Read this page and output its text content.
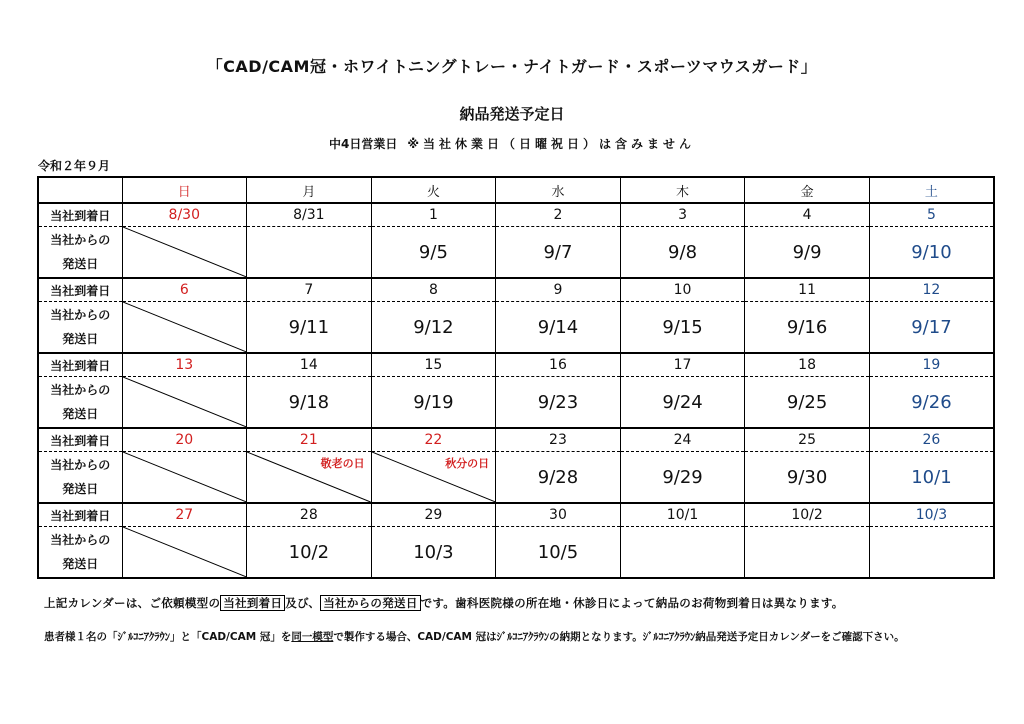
「CAD/CAM冠・ホワイトニングトレー・ナイトガード・スポーツマウスガード」
納品発送予定日
中4日営業日 ※当社休業日（日曜祝日）は含みません
令和２年９月
	日	月	火	水	木	金	土
当社到着日	8/30	8/31	1	2	3	4	5

当社からの
発送日			9/5	9/7	9/8	9/9	9/10
当社到着日	6	7	8	9	10	11	12

当社からの
発送日		9/11	9/12	9/14	9/15	9/16	9/17
当社到着日	13	14	15	16	17	18	19

当社からの
発送日		9/18	9/19	9/23	9/24	9/25	9/26
当社到着日	20	21	22	23	24	25	26

当社からの
発送日		敬老の日	秋分の日	9/28	9/29	9/30	10/1
当社到着日	27	28	29	30	10/1	10/2	10/3

当社からの
発送日		10/2	10/3	10/5			
上記カレンダーは、ご依頼模型の 当社到着日 及び、 当社からの発送日 です。歯科医院様の所在地・休診日によって納品のお荷物到着日は異なります。
患者様１名の「ｼﾞﾙｺﾆｱｸﾗｳﾝ」と「CAD/CAM 冠」を同一模型で製作する場合、CAD/CAM 冠はｼﾞﾙｺﾆｱｸﾗｳﾝの納期となります。ｼﾞﾙｺﾆｱｸﾗｳﾝ納品発送予定日カレンダーをご確認下さい。
